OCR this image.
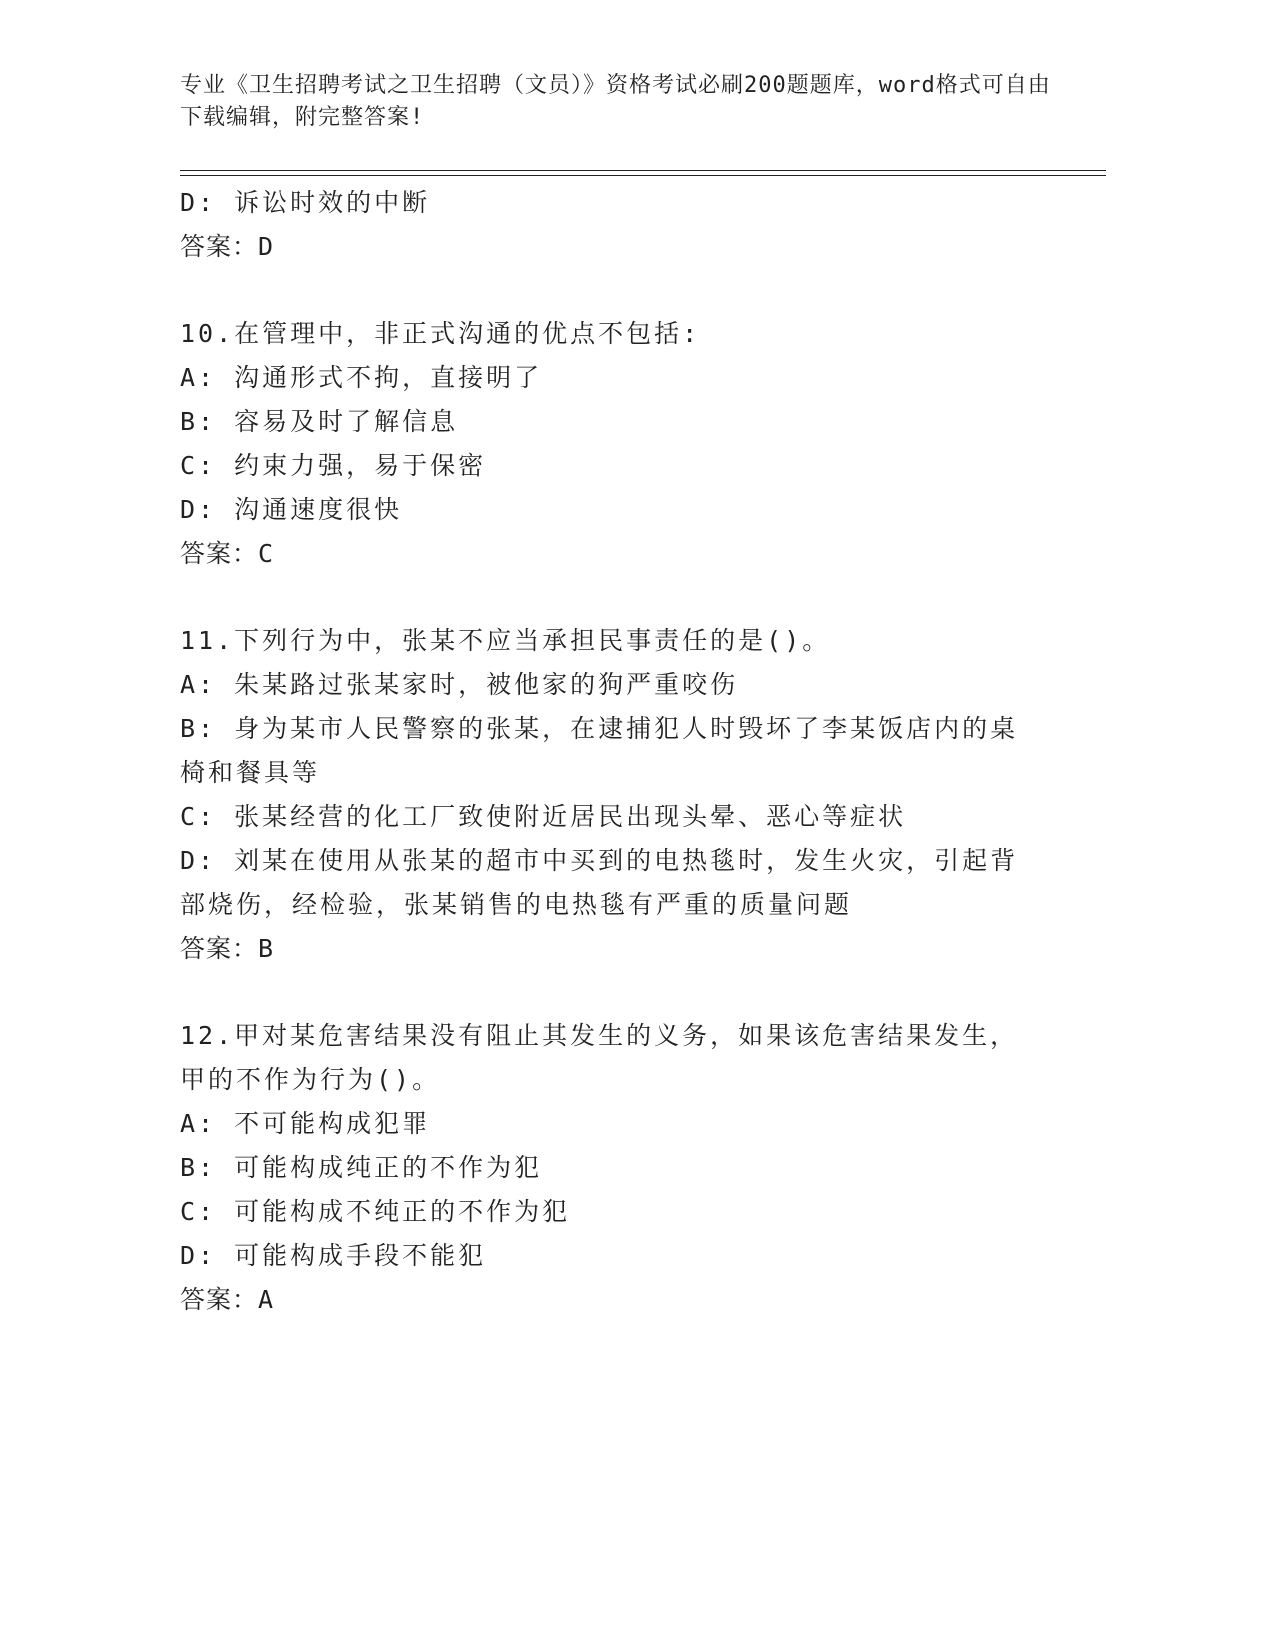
专业《卫生招聘考试之卫生招聘（文员）》资格考试必刷200题题库，word格式可自由下载编辑，附完整答案!
D: 诉讼时效的中断
答案：D
10.在管理中，非正式沟通的优点不包括:
A: 沟通形式不拘，直接明了
B: 容易及时了解信息
C: 约束力强，易于保密
D: 沟通速度很快
答案：C
11.下列行为中，张某不应当承担民事责任的是()。
A: 朱某路过张某家时，被他家的狗严重咬伤
B: 身为某市人民警察的张某，在逮捕犯人时毁坏了李某饭店内的桌椅和餐具等
C: 张某经营的化工厂致使附近居民出现头晕、恶心等症状
D: 刘某在使用从张某的超市中买到的电热毯时，发生火灾，引起背部烧伤，经检验，张某销售的电热毯有严重的质量问题
答案：B
12.甲对某危害结果没有阻止其发生的义务，如果该危害结果发生，甲的不作为行为()。
A: 不可能构成犯罪
B: 可能构成纯正的不作为犯
C: 可能构成不纯正的不作为犯
D: 可能构成手段不能犯
答案：A
